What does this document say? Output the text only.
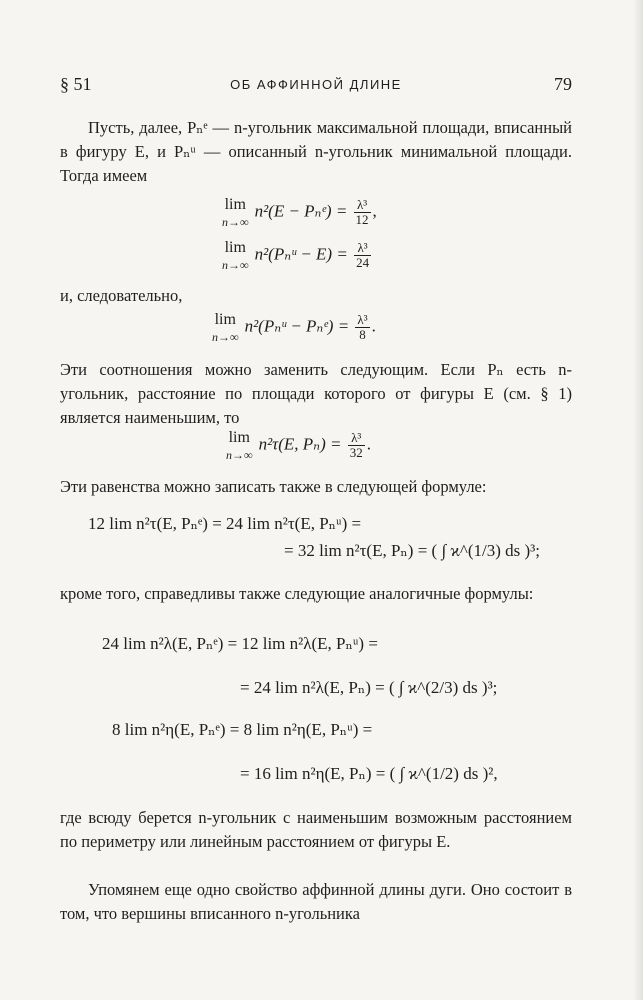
§ 51	ОБ АФФИННОЙ ДЛИНЕ	79
Пусть, далее, Pₙᵉ — n-угольник максимальной площади, вписанный в фигуру E, и Pₙᵘ — описанный n-угольник минимальной площади. Тогда имеем
lim
n→∞
n²(E − Pₙᵉ) = $\frac{\text{λ³}}{12}$ ,
lim
n→∞
n²(Pₙᵘ − $E) = \frac{\text{λ³}}{24}$
и, следовательно,
lim
n→∞
n²(Pₙᵘ − Pₙᵉ) = $\frac{\text{λ³}}{8}$ .
Эти соотношения можно заменить следующим. Если Pₙ есть n-угольник, расстояние по площади которого от фигуры E (см. § 1) является наименьшим, то
lim
n→∞
n²τ(E, $P_n) = \frac{\text{λ³}}{32}$ .
Эти равенства можно записать также в следующей формуле:
12 lim n²τ(E, Pₙᵉ) = 24 lim n²τ(E, Pₙᵘ) =
= 32 lim n²τ(E, Pₙ) = ( ∫ ϰ^(1/3) ds )³;
кроме того, справедливы также следующие аналогичные формулы:
24 lim n²λ(E, Pₙᵉ) = 12 lim n²λ(E, Pₙᵘ) =
= 24 lim n²λ(E, Pₙ) = ( ∫ ϰ^(2/3) ds )³;
8 lim n²η(E, Pₙᵉ) = 8 lim n²η(E, Pₙᵘ) =
= 16 lim n²η(E, Pₙ) = ( ∫ ϰ^(1/2) ds )²,
где всюду берется n-угольник с наименьшим возможным расстоянием по периметру или линейным расстоянием от фигуры E.
Упомянем еще одно свойство аффинной длины дуги. Оно состоит в том, что вершины вписанного n-угольника
